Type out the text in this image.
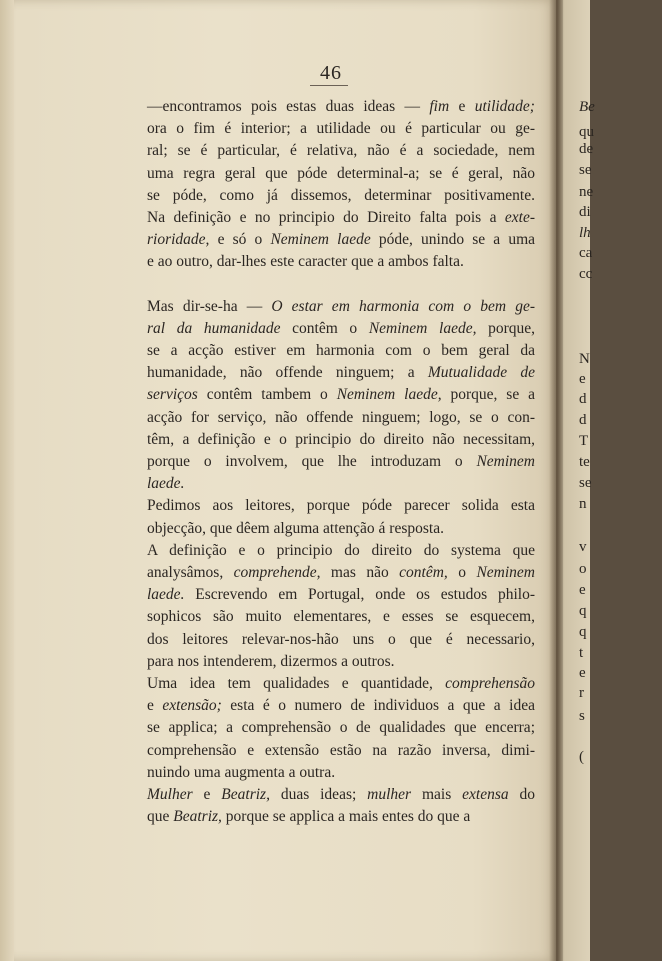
46

—encontramos pois estas duas ideas — fim e utilidade;
ora o fim é interior; a utilidade ou é particular ou ge-
ral; se é particular, é relativa, não é a sociedade, nem
uma regra geral que póde determinal-a; se é geral, não
se póde, como já dissemos, determinar positivamente.
Na definição e no principio do Direito falta pois a exte-
rioridade, e só o Neminem laede póde, unindo se a uma
e ao outro, dar-lhes este caracter que a ambos falta.

Mas dir-se-ha — O estar em harmonia com o bem ge-
ral da humanidade contêm o Neminem laede, porque,
se a acção estiver em harmonia com o bem geral da
humanidade, não offende ninguem; a Mutualidade de
serviços contêm tambem o Neminem laede, porque, se a
acção for serviço, não offende ninguem; logo, se o con-
têm, a definição e o principio do direito não necessitam,
porque o involvem, que lhe introduzam o Neminem
laede.

Pedimos aos leitores, porque póde parecer solida esta
objecção, que dêem alguma attenção á resposta.

A definição e o principio do direito do systema que
analysâmos, comprehende, mas não contêm, o Neminem
laede. Escrevendo em Portugal, onde os estudos philo-
sophicos são muito elementares, e esses se esquecem,
dos leitores relevar-nos-hão uns o que é necessario,
para nos intenderem, dizermos a outros.

Uma idea tem qualidades e quantidade, comprehensão
e extensão; esta é o numero de individuos a que a idea
se applica; a comprehensão o de qualidades que encerra;
comprehensão e extensão estão na razão inversa, dimi-
nuindo uma augmenta a outra.

Mulher e Beatriz, duas ideas; mulher mais extensa do
que Beatriz, porque se applica a mais entes do que a

Be
qu
de
se
ne
di
lh
ca
cc
N
e
d
d
T
te
se
n
v
o
e
q
q
t
e
r
s
(
